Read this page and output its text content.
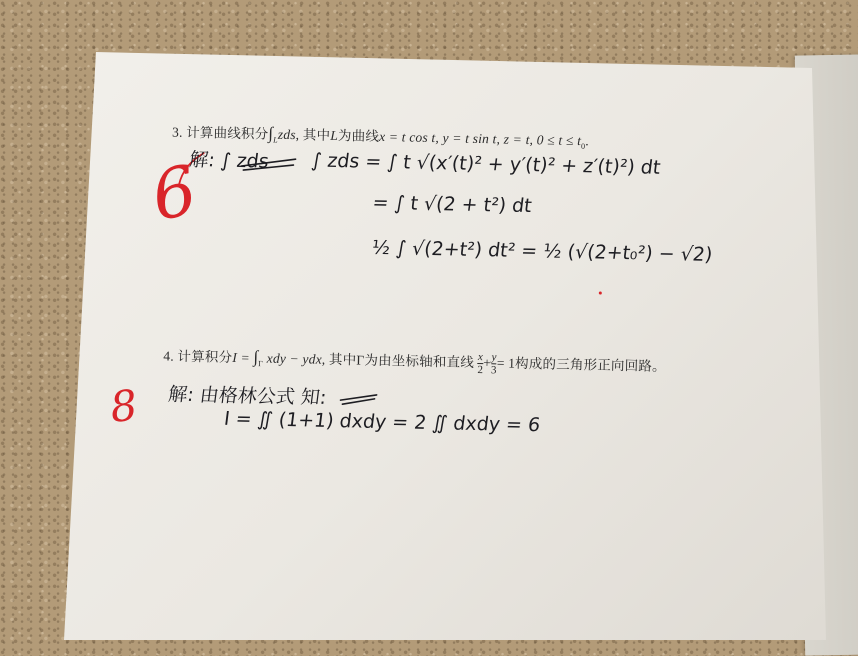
3. 计算曲线积分$\int_Lzds$, 其中L为曲线x = t cos t, y = t sin t, z = t, $0 \le t \le t_0$.
6
解: ∫ zds ∫ zds = ∫ t √(x′(t)² + y′(t)² + z′(t)²) dt
= ∫ t √(2 + t²) dt
½ ∫ √(2+t²) dt² = ½ (√(2+t₀²) − √2)
4. 计算积分$I = \int_\Gamma$ xdy − ydx, 其中Γ为由坐标轴和直线 $\frac{x}{2} + \frac{y}{3} = 1$构成的三角形正向回路。
8 解: 由格林公式 知:
I = ∬ (1+1) dxdy = 2 ∬ dxdy = 6
